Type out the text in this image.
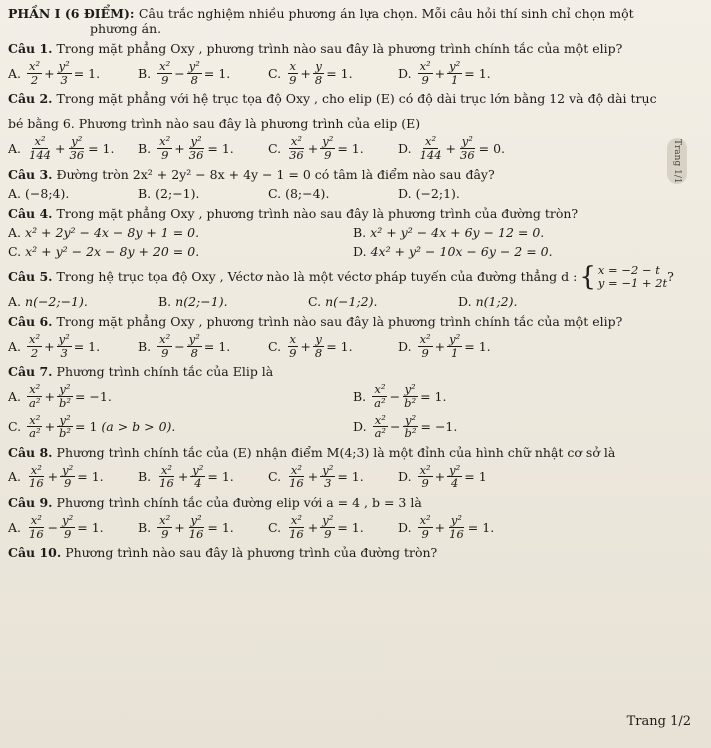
PHẦN I (6 ĐIỂM): Câu trắc nghiệm nhiều phương án lựa chọn. Mỗi câu hỏi thí sinh chỉ chọn một
phương án.
Câu 1. Trong mặt phẳng Oxy , phương trình nào sau đây là phương trình chính tắc của một elip?
A. $\frac{\text{x²}}{2} + \frac{\text{y²}}{3} = 1$.	B. $\frac{\text{x²}}{9} - \frac{\text{y²}}{8} = 1$.	C. $\frac{x}{9} + \frac{y}{8} = 1$.	D. $\frac{\text{x²}}{9} + \frac{\text{y²}}{1} = 1$.
Câu 2. Trong mặt phẳng với hệ trục tọa độ Oxy , cho elip (E) có độ dài trục lớn bằng 12 và độ dài trục
bé bằng 6. Phương trình nào sau đây là phương trình của elip (E)
A. $\frac{\text{x²}}{144} + \frac{\text{y²}}{36} = 1$.	B. $\frac{\text{x²}}{9} + \frac{\text{y²}}{36} = 1$.	C. $\frac{\text{x²}}{36} + \frac{\text{y²}}{9} = 1$.	D. $\frac{\text{x²}}{144} + \frac{\text{y²}}{36} = 0$.
Câu 3. Đường tròn 2x² + 2y² − 8x + 4y − 1 = 0 có tâm là điểm nào sau đây?
A. (−8;4).	B. (2;−1).	C. (8;−4).	D. (−2;1).
Câu 4. Trong mặt phẳng Oxy , phương trình nào sau đây là phương trình của đường tròn?
A. x² + 2y² − 4x − 8y + 1 = 0.	B. x² + y² − 4x + 6y − 12 = 0.
C. x² + y² − 2x − 8y + 20 = 0.	D. 4x² + y² − 10x − 6y − 2 = 0.
Câu 5.
Trong hệ trục tọa độ Oxy , Véctơ nào là một véctơ pháp tuyến của đường thẳng d : { x = −2 − t
y = −1 + 2t ?
A. n(−2;−1).	B. n(2;−1).	C. n(−1;2).	D. n(1;2).
Câu 6. Trong mặt phẳng Oxy , phương trình nào sau đây là phương trình chính tắc của một elip?
A. $\frac{\text{x²}}{2} + \frac{\text{y²}}{3} = 1$.	B. $\frac{\text{x²}}{9} - \frac{\text{y²}}{8} = 1$.	C. $\frac{x}{9} + \frac{y}{8} = 1$.	D. $\frac{\text{x²}}{9} + \frac{\text{y²}}{1} = 1$.
Câu 7. Phương trình chính tắc của Elip là
A. $\frac{\text{x²}}{\text{a²}} + \frac{\text{y²}}{\text{b²}} = -1$.	B. $\frac{\text{x²}}{\text{a²}} - \frac{\text{y²}}{\text{b²}} = 1$.
C. $\frac{\text{x²}}{\text{a²}} + \frac{\text{y²}}{\text{b²}} = 1$ (a > b > 0).	D. $\frac{\text{x²}}{\text{a²}} - \frac{\text{y²}}{\text{b²}} = -1$.
Câu 8. Phương trình chính tắc của (E) nhận điểm M(4;3) là một đỉnh của hình chữ nhật cơ sở là
A. $\frac{\text{x²}}{16} + \frac{\text{y²}}{9} = 1$.	B. $\frac{\text{x²}}{16} + \frac{\text{y²}}{4} = 1$.	C. $\frac{\text{x²}}{16} + \frac{\text{y²}}{3} = 1$.	D. $\frac{\text{x²}}{9} + \frac{\text{y²}}{4} = 1$
Câu 9. Phương trình chính tắc của đường elip với a = 4 , b = 3 là
A. $\frac{\text{x²}}{16} - \frac{\text{y²}}{9} = 1$.	B. $\frac{\text{x²}}{9} + \frac{\text{y²}}{16} = 1$.	C. $\frac{\text{x²}}{16} + \frac{\text{y²}}{9} = 1$.	D. $\frac{\text{x²}}{9} + \frac{\text{y²}}{16} = 1$.
Câu 10. Phương trình nào sau đây là phương trình của đường tròn?
Trang 1/1
Trang 1/2
